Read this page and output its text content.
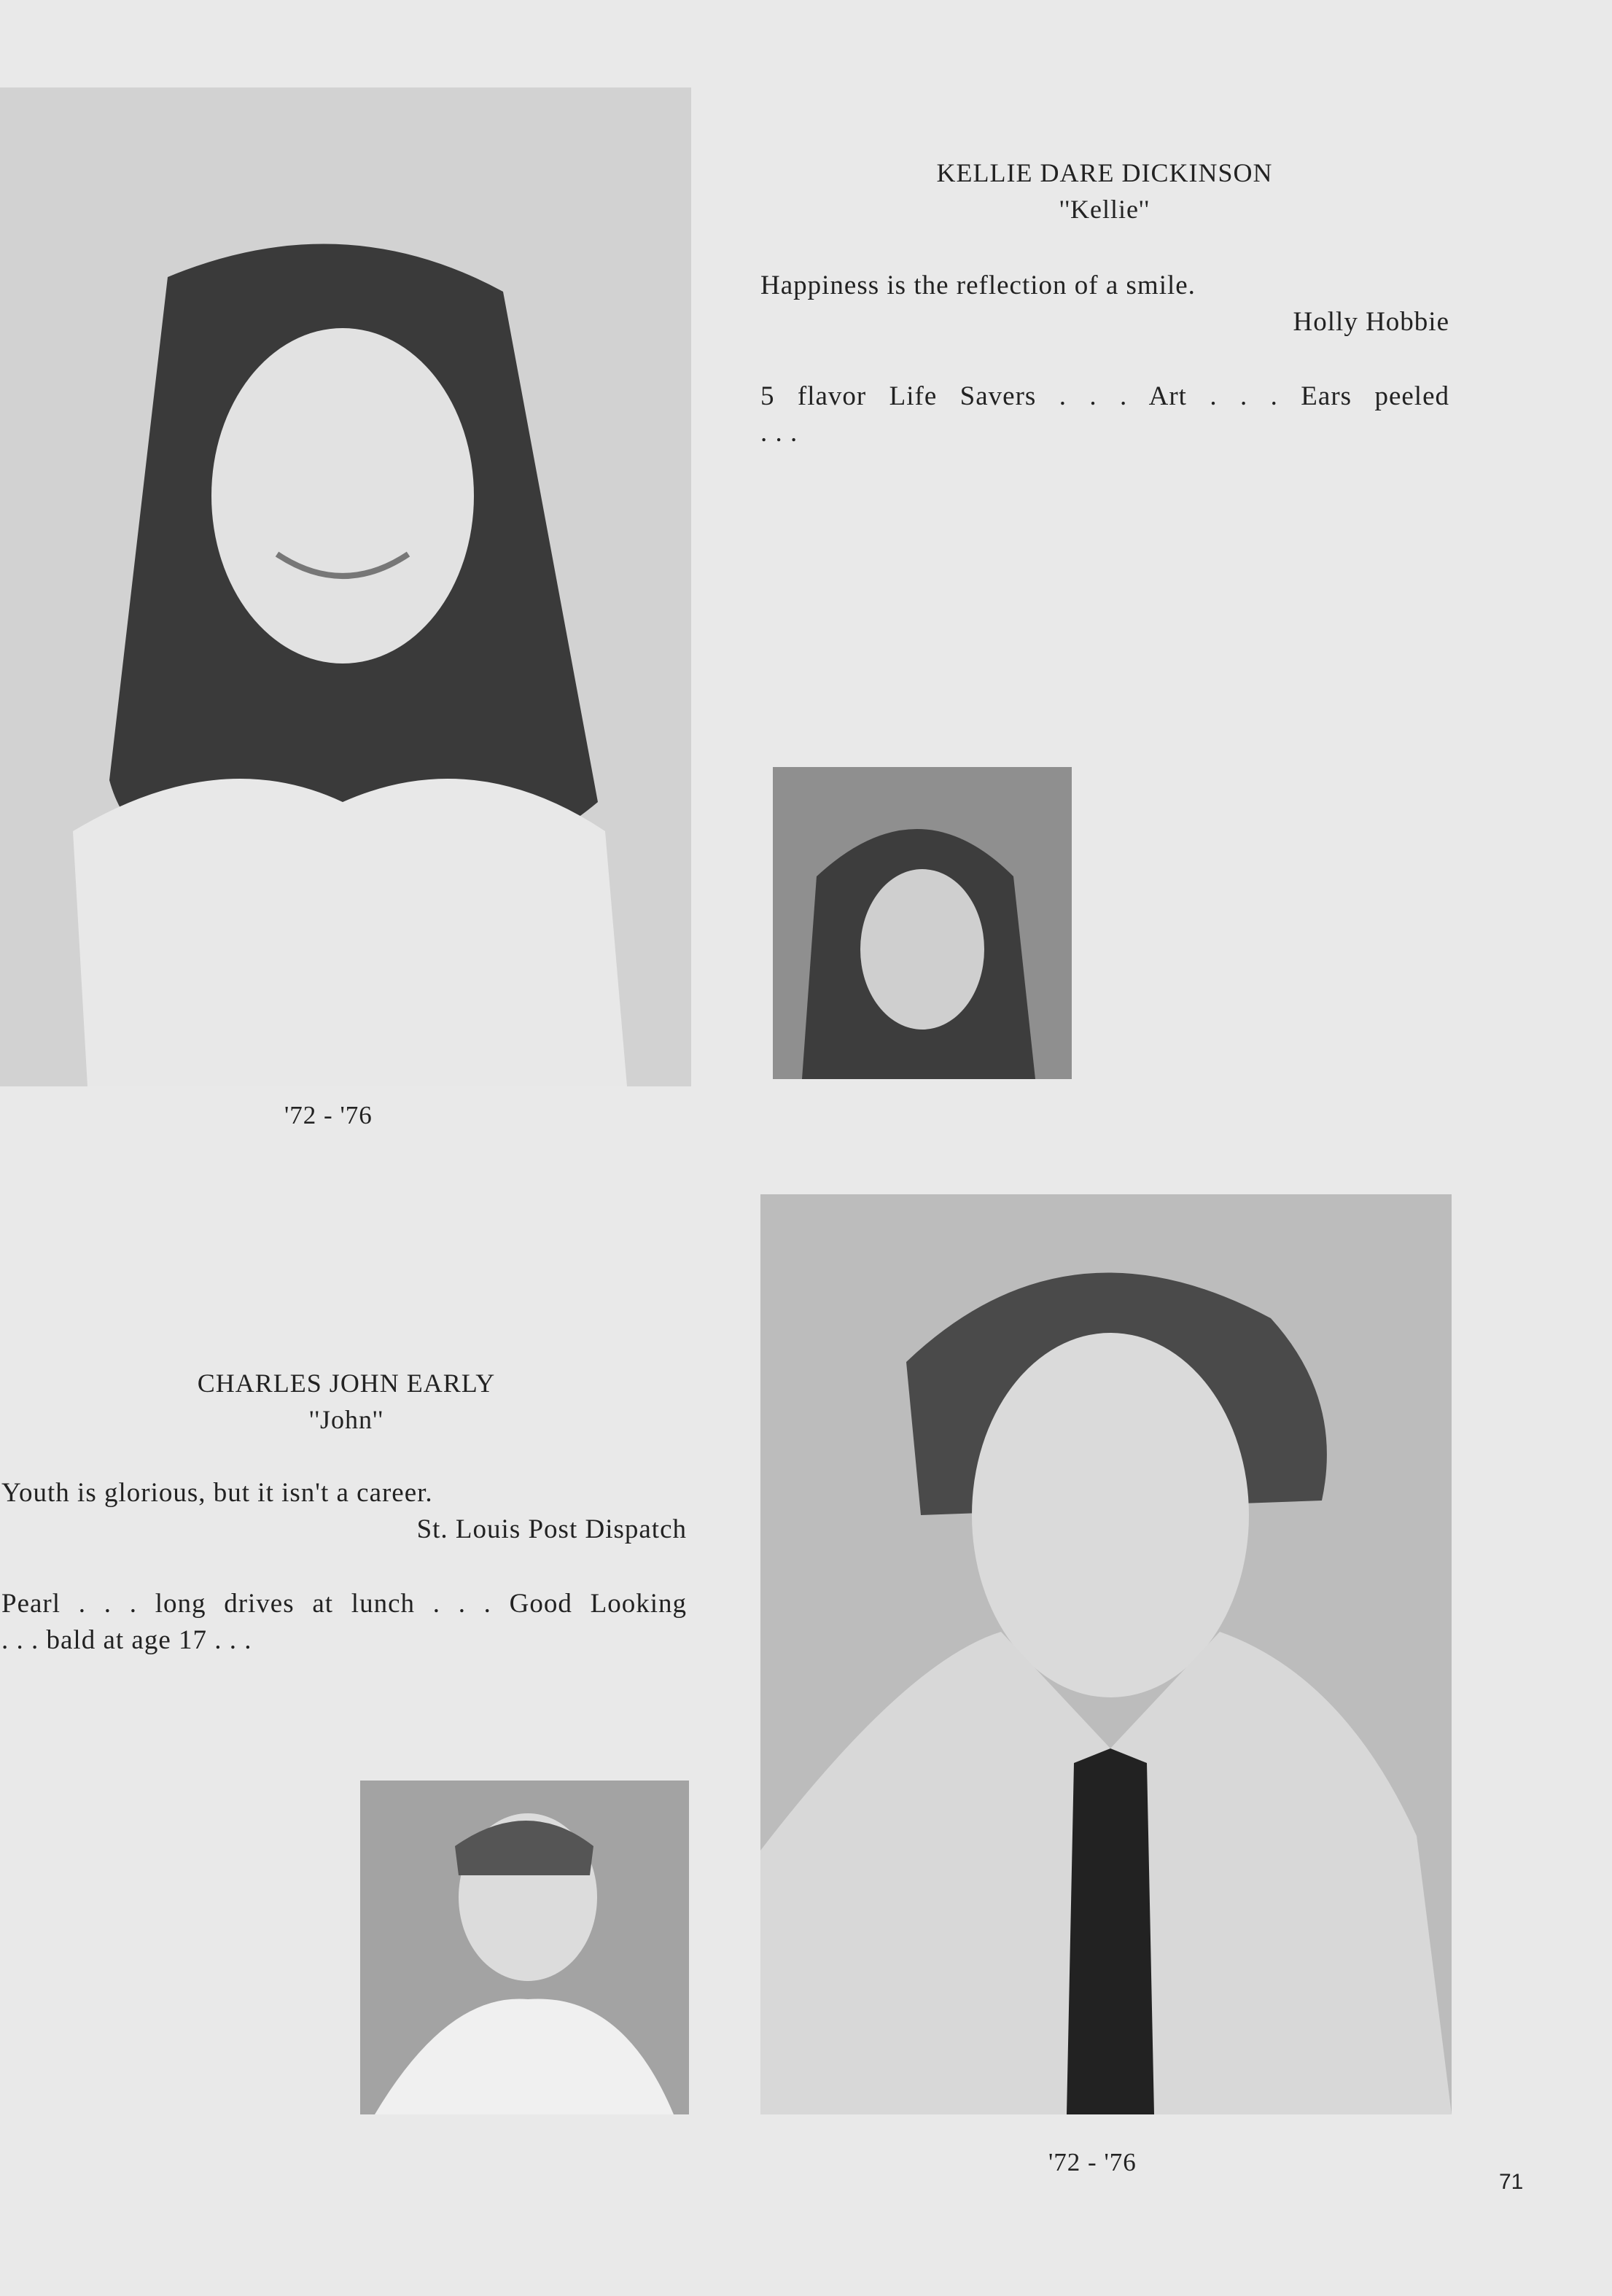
KELLIE DARE DICKINSON
''Kellie''
Happiness is the reflection of a smile.
Holly Hobbie
5 flavor Life Savers . . . Art . . . Ears peeled
. . .
'72 - '76
CHARLES JOHN EARLY
''John''
Youth is glorious, but it isn't a career.
St. Louis Post Dispatch
Pearl . . . long drives at lunch . . . Good Looking
. . . bald at age 17 . . .
'72 - '76
71
